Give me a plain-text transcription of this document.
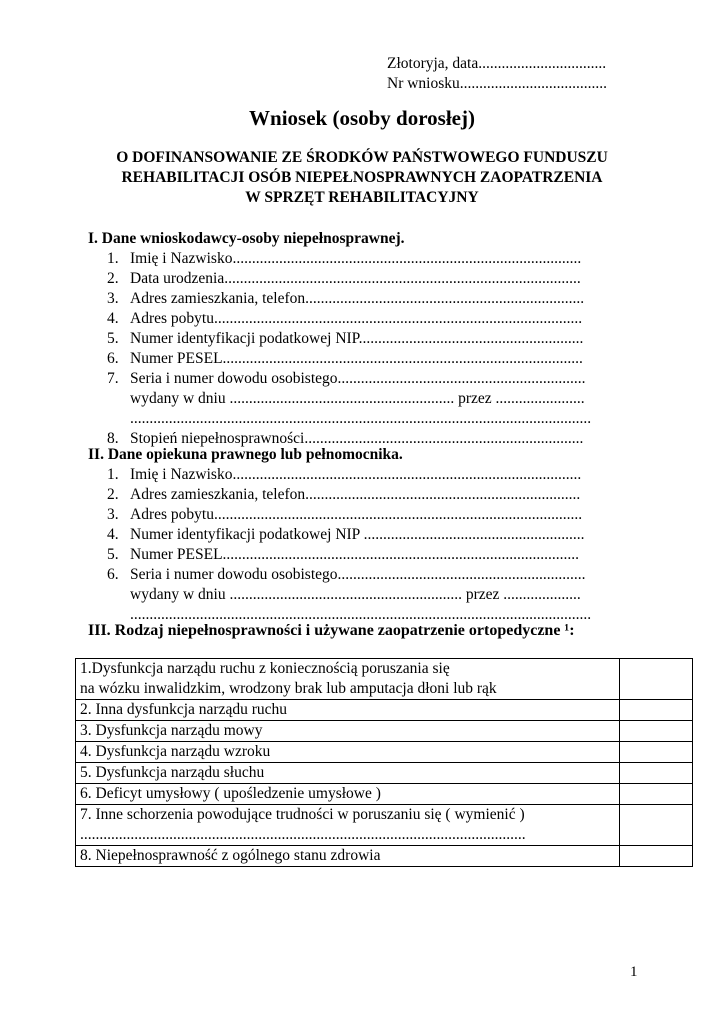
Złotoryja, data.................................
Nr wniosku......................................
Wniosek (osoby dorosłej)
O DOFINANSOWANIE ZE ŚRODKÓW PAŃSTWOWEGO FUNDUSZU
REHABILITACJI OSÓB NIEPEŁNOSPRAWNYCH ZAOPATRZENIA
W SPRZĘT REHABILITACYJNY
I. Dane wnioskodawcy-osoby niepełnosprawnej.
1. Imię i Nazwisko..........................................................................................
2. Data urodzenia............................................................................................
3. Adres zamieszkania, telefon........................................................................
4. Adres pobytu...............................................................................................
5. Numer identyfikacji podatkowej NIP..........................................................
6. Numer PESEL.............................................................................................
7. Seria i numer dowodu osobistego................................................................
wydany w dniu .......................................................... przez .......................
.......................................................................................................................
8. Stopień niepełnosprawności........................................................................
II. Dane opiekuna prawnego lub pełnomocnika.
1. Imię i Nazwisko..........................................................................................
2. Adres zamieszkania, telefon.......................................................................
3. Adres pobytu...............................................................................................
4. Numer identyfikacji podatkowej NIP .........................................................
5. Numer PESEL............................................................................................
6. Seria i numer dowodu osobistego................................................................
wydany w dniu ............................................................ przez ....................
.......................................................................................................................
III. Rodzaj niepełnosprawności i używane zaopatrzenie ortopedyczne ¹:
1.Dysfunkcja narządu ruchu z koniecznością poruszania się
na wózku inwalidzkim, wrodzony brak lub amputacja dłoni lub rąk	

2. Inna dysfunkcja narządu ruchu	
3. Dysfunkcja narządu mowy	
4. Dysfunkcja narządu wzroku	
5. Dysfunkcja narządu słuchu	
6. Deficyt umysłowy ( upośledzenie umysłowe )	

7. Inne schorzenia powodujące trudności w poruszaniu się ( wymienić )
...................................................................................................................	

8. Niepełnosprawność z ogólnego stanu zdrowia	
1
